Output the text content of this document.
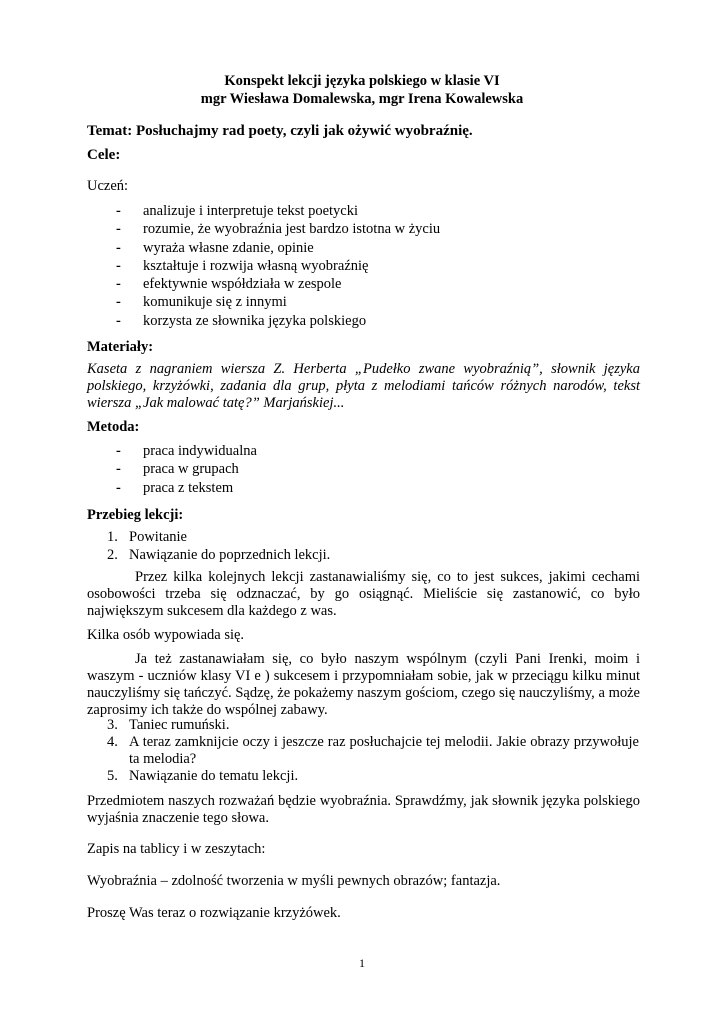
Konspekt lekcji języka polskiego w klasie VI
mgr Wiesława Domalewska, mgr Irena Kowalewska
Temat: Posłuchajmy rad poety, czyli jak ożywić wyobraźnię.
Cele:
Uczeń:
- analizuje i interpretuje tekst poetycki
- rozumie, że wyobraźnia jest bardzo istotna w życiu
- wyraża własne zdanie, opinie
- kształtuje i rozwija własną wyobraźnię
- efektywnie współdziała w zespole
- komunikuje się z innymi
- korzysta ze słownika języka polskiego
Materiały:
Kaseta z nagraniem wiersza Z. Herberta „Pudełko zwane wyobraźnią”, słownik języka polskiego, krzyżówki, zadania dla grup, płyta z melodiami tańców różnych narodów, tekst wiersza „Jak malować tatę?” Marjańskiej...
Metoda:
- praca indywidualna
- praca w grupach
- praca z tekstem
Przebieg lekcji:
1. Powitanie
2. Nawiązanie do poprzednich lekcji.
Przez kilka kolejnych lekcji zastanawialiśmy się, co to jest sukces, jakimi cechami osobowości trzeba się odznaczać, by go osiągnąć. Mieliście się zastanowić, co było największym sukcesem dla każdego z was.
Kilka osób wypowiada się.
Ja też zastanawiałam się, co było naszym wspólnym (czyli Pani Irenki, moim i waszym - uczniów klasy VI e ) sukcesem i przypomniałam sobie, jak w przeciągu kilku minut nauczyliśmy się tańczyć. Sądzę, że pokażemy naszym gościom, czego się nauczyliśmy, a może zaprosimy ich także do wspólnej zabawy.
3. Taniec rumuński.
4. A teraz zamknijcie oczy i jeszcze raz posłuchajcie tej melodii. Jakie obrazy przywołuje ta melodia?
5. Nawiązanie do tematu lekcji.
Przedmiotem naszych rozważań będzie wyobraźnia. Sprawdźmy, jak słownik języka polskiego wyjaśnia znaczenie tego słowa.
Zapis na tablicy i w zeszytach:
Wyobraźnia – zdolność tworzenia w myśli pewnych obrazów; fantazja.
Proszę Was teraz o rozwiązanie krzyżówek.
1
